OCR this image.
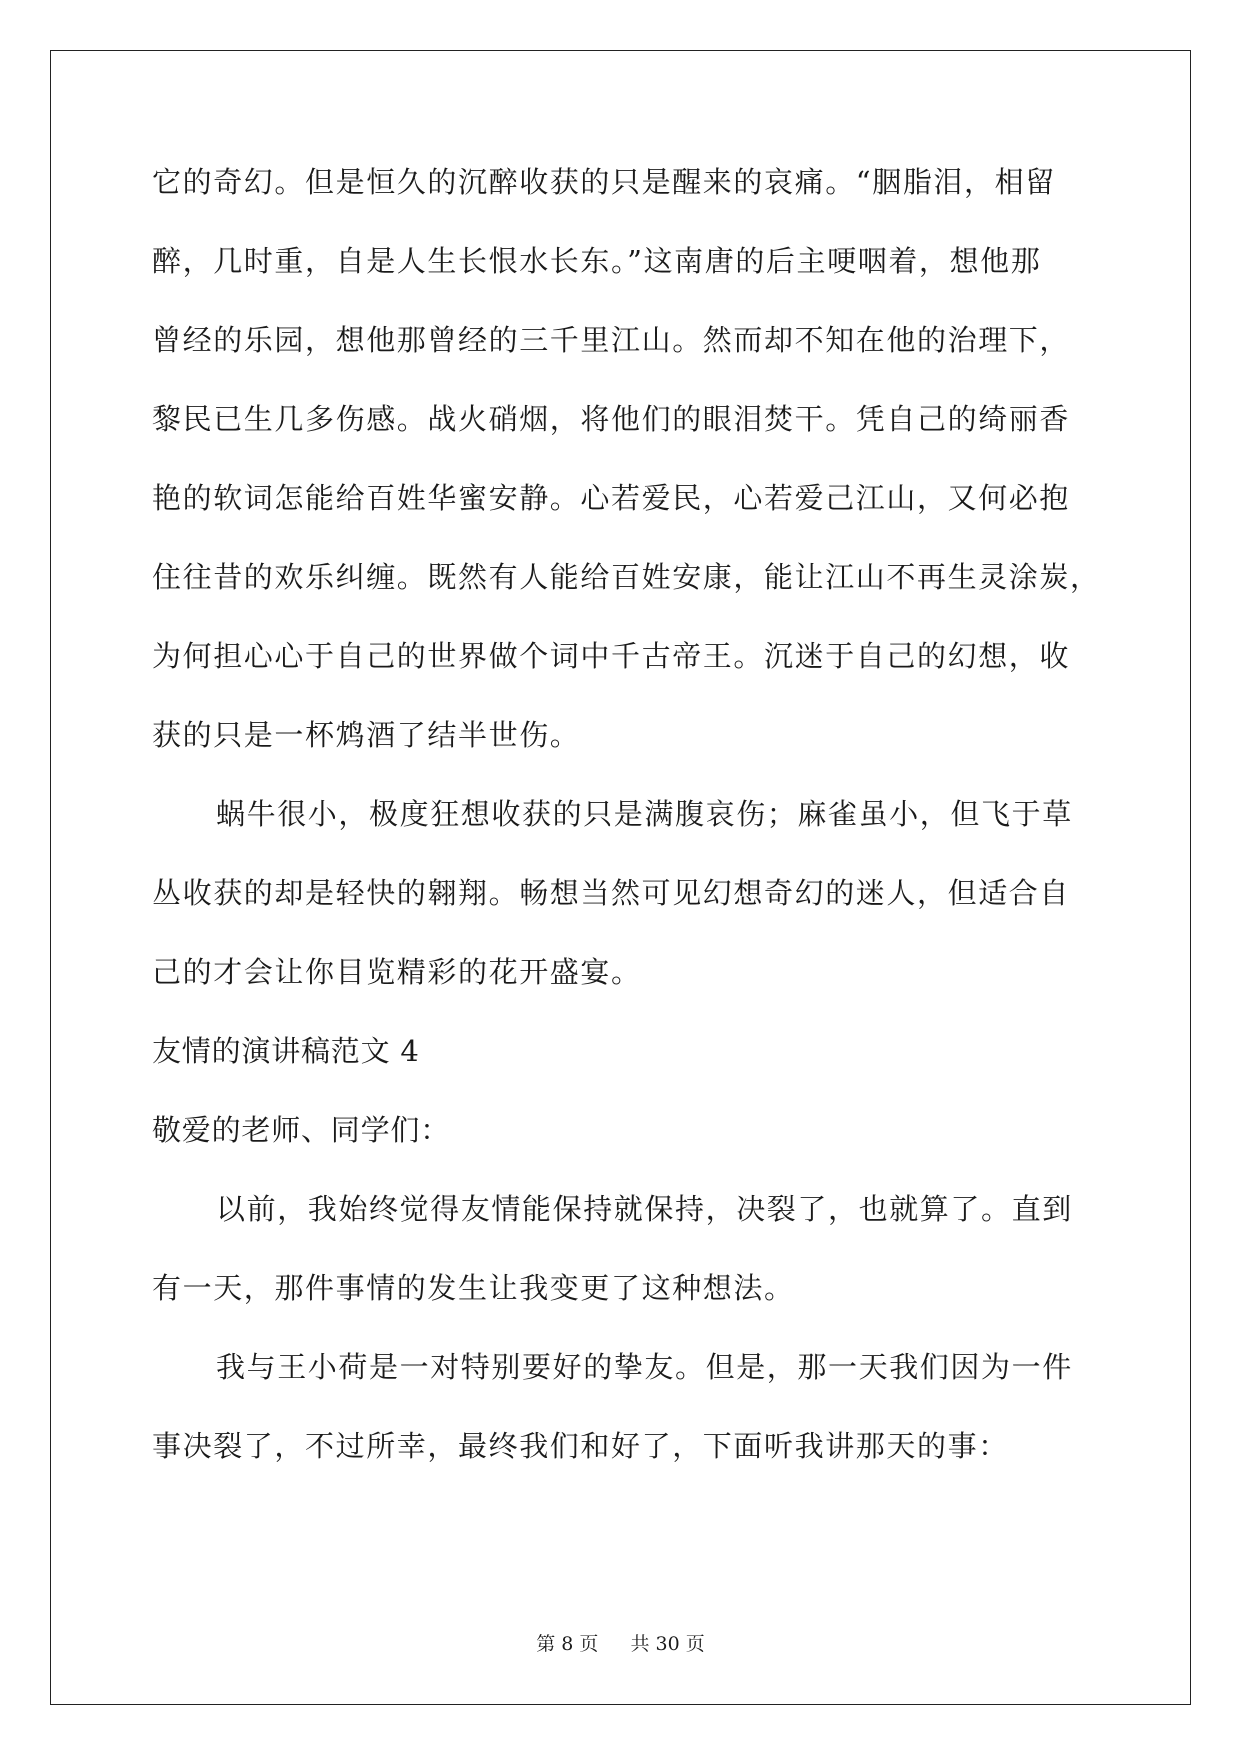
它的奇幻。但是恒久的沉醉收获的只是醒来的哀痛。“胭脂泪，相留
醉，几时重，自是人生长恨水长东。”这南唐的后主哽咽着，想他那
曾经的乐园，想他那曾经的三千里江山。然而却不知在他的治理下，
黎民已生几多伤感。战火硝烟，将他们的眼泪焚干。凭自己的绮丽香
艳的软词怎能给百姓华蜜安静。心若爱民，心若爱己江山，又何必抱
住往昔的欢乐纠缠。既然有人能给百姓安康，能让江山不再生灵涂炭，
为何担心心于自己的世界做个词中千古帝王。沉迷于自己的幻想，收
获的只是一杯鸩酒了结半世伤。
蜗牛很小，极度狂想收获的只是满腹哀伤；麻雀虽小，但飞于草
丛收获的却是轻快的翱翔。畅想当然可见幻想奇幻的迷人，但适合自
己的才会让你目览精彩的花开盛宴。
友情的演讲稿范文 4
敬爱的老师、同学们：
以前，我始终觉得友情能保持就保持，决裂了，也就算了。直到
有一天，那件事情的发生让我变更了这种想法。
我与王小荷是一对特别要好的挚友。但是，那一天我们因为一件
事决裂了，不过所幸，最终我们和好了，下面听我讲那天的事：
第 8 页 共 30 页
